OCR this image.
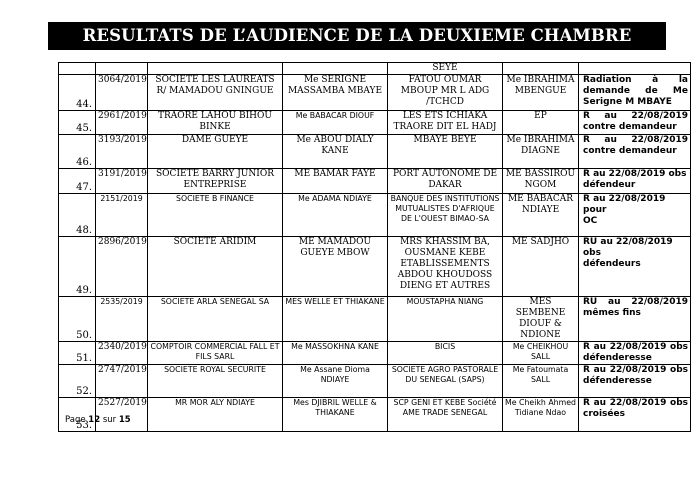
RESULTATS DE L’AUDIENCE DE LA DEUXIEME CHAMBRE
				SEYE		
44.	3064/2019	SOCIETE LES LAUREATS R/ MAMADOU GNINGUE	Me SERIGNE MASSAMBA MBAYE	FATOU OUMAR MBOUP MR L ADG /TCHCD	Me IBRAHIMA MBENGUE	Radiation à la
demande de Me
Serigne M MBAYE
45.	2961/2019	TRAORE LAHOU BIHOU BINKE	Me BABACAR DIOUF	LES ETS ICHIAKA TRAORE DIT EL HADJ	EP	R au 22/08/2019
contre demandeur
46.	3193/2019	DAME GUEYE	Me ABOU DIALY KANE	MBAYE BEYE	Me IBRAHIMA DIAGNE	R au 22/08/2019
contre demandeur
47.	3191/2019	SOCIETE BARRY JUNIOR ENTREPRISE	ME BAMAR FAYE	PORT AUTONOME DE DAKAR	ME BASSIROU NGOM	R au 22/08/2019 obs
défendeur
48.	2151/2019	SOCIETE B FINANCE	Me ADAMA NDIAYE	BANQUE DES INSTITUTIONS MUTUALISTES D'AFRIQUE DE L'OUEST BIMAO-SA	ME BABACAR NDIAYE	R au 22/08/2019 pour
OC
49.	2896/2019	SOCIETE ARIDIM	ME MAMADOU GUEYE MBOW	MRS KHASSIM BA, OUSMANE KEBE ETABLISSEMENTS ABDOU KHOUDOSS DIENG ET AUTRES	ME SADJHO	RU au 22/08/2019 obs
défendeurs
50.	2535/2019	SOCIETE ARLA SENEGAL SA	MES WELLE ET THIAKANE	MOUSTAPHA NIANG	MES SEMBENE DIOUF & NDIONE	RU au 22/08/2019
mêmes fins
51.	2340/2019	COMPTOIR COMMERCIAL FALL ET FILS SARL	Me MASSOKHNA KANE	BICIS	Me CHEIKHOU SALL	R au 22/08/2019 obs
défenderesse
52.	2747/2019	SOCIETE ROYAL SECURITE	Me Assane Dioma NDIAYE	SOCIETE AGRO PASTORALE DU SENEGAL (SAPS)	Me Fatoumata SALL	R au 22/08/2019 obs
défenderesse
53.	2527/2019	MR MOR ALY NDIAYE	Mes DJIBRIL WELLE & THIAKANE	SCP GENI ET KEBE Société AME TRADE SENEGAL	Me Cheikh Ahmed Tidiane Ndao	R au 22/08/2019 obs
croisées
Page 12 sur 15
